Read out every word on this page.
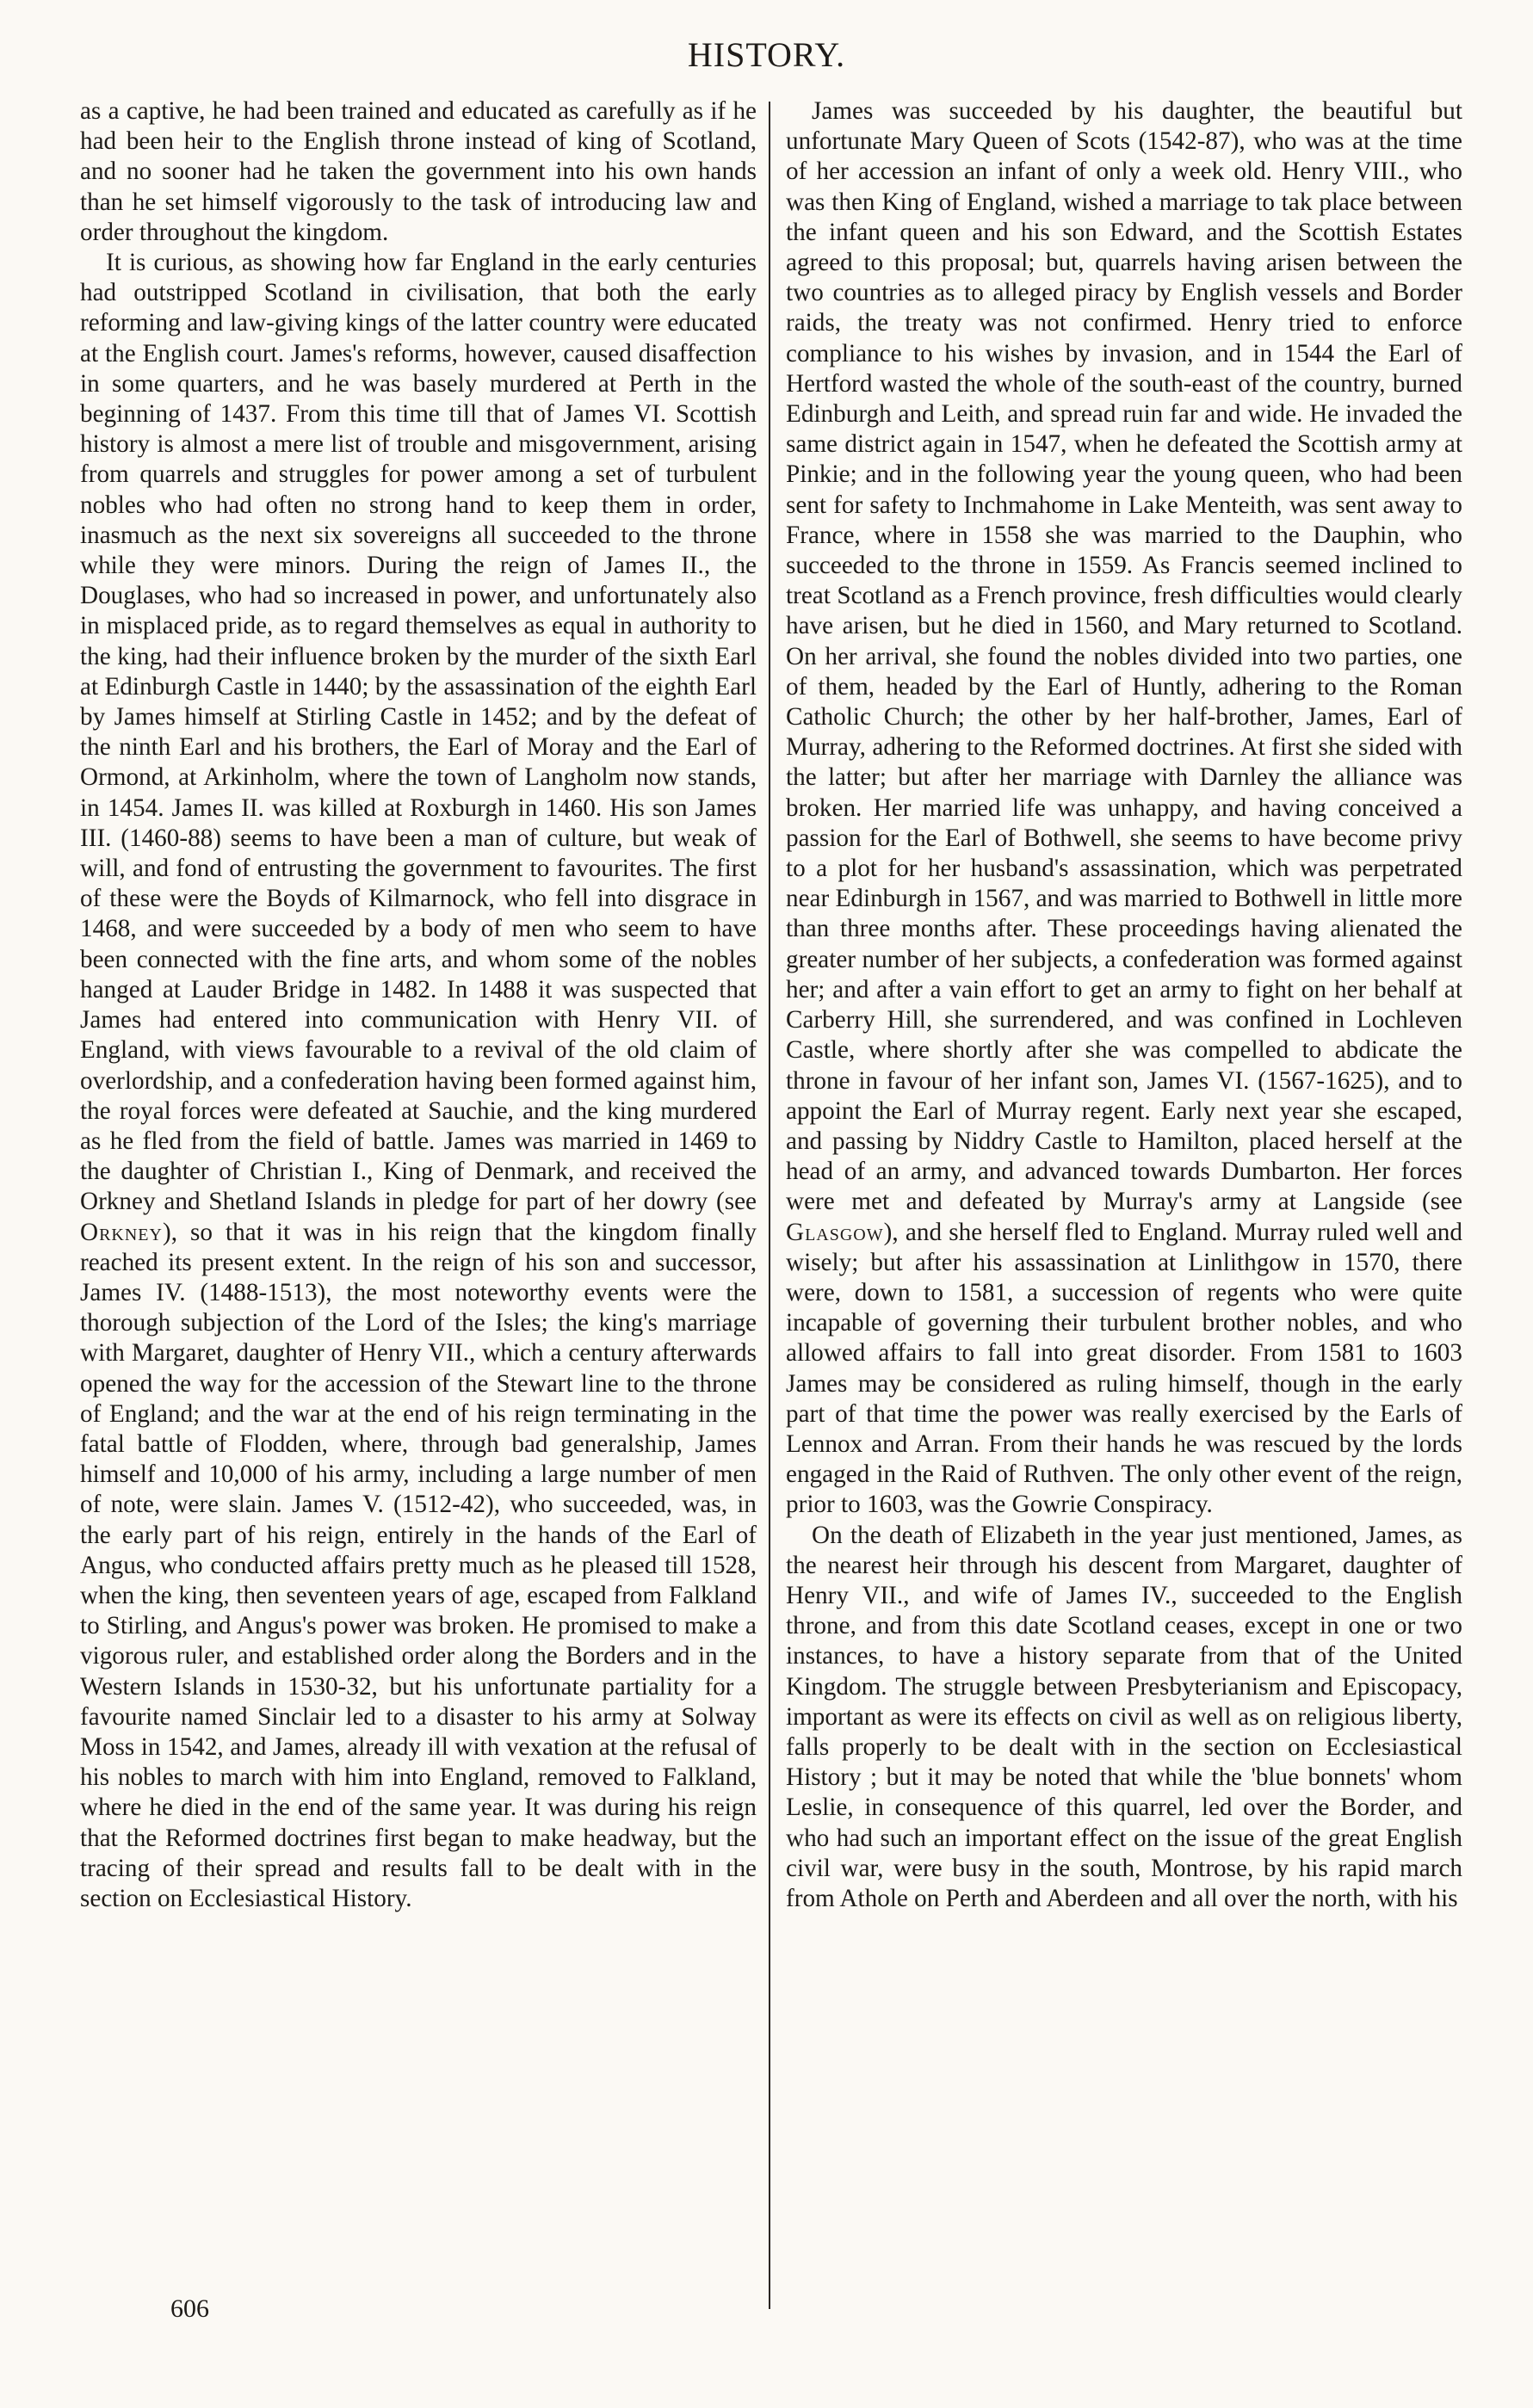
HISTORY.

as a captive, he had been trained and educated as carefully as if he had been heir to the English throne instead of king of Scotland, and no sooner had he taken the government into his own hands than he set himself vigorously to the task of introducing law and order throughout the kingdom.

It is curious, as showing how far England in the early centuries had outstripped Scotland in civilisation, that both the early reforming and law-giving kings of the latter country were educated at the English court. James's reforms, however, caused disaffection in some quarters, and he was basely murdered at Perth in the beginning of 1437. From this time till that of James VI. Scottish history is almost a mere list of trouble and misgovernment, arising from quarrels and struggles for power among a set of turbulent nobles who had often no strong hand to keep them in order, inasmuch as the next six sovereigns all succeeded to the throne while they were minors. During the reign of James II., the Douglases, who had so increased in power, and unfortunately also in misplaced pride, as to regard themselves as equal in authority to the king, had their influence broken by the murder of the sixth Earl at Edinburgh Castle in 1440; by the assassination of the eighth Earl by James himself at Stirling Castle in 1452; and by the defeat of the ninth Earl and his brothers, the Earl of Moray and the Earl of Ormond, at Arkinholm, where the town of Langholm now stands, in 1454. James II. was killed at Roxburgh in 1460. His son James III. (1460-88) seems to have been a man of culture, but weak of will, and fond of entrusting the government to favourites. The first of these were the Boyds of Kilmarnock, who fell into disgrace in 1468, and were succeeded by a body of men who seem to have been connected with the fine arts, and whom some of the nobles hanged at Lauder Bridge in 1482. In 1488 it was suspected that James had entered into communication with Henry VII. of England, with views favourable to a revival of the old claim of overlordship, and a confederation having been formed against him, the royal forces were defeated at Sauchie, and the king murdered as he fled from the field of battle. James was married in 1469 to the daughter of Christian I., King of Denmark, and received the Orkney and Shetland Islands in pledge for part of her dowry (see Orkney), so that it was in his reign that the kingdom finally reached its present extent. In the reign of his son and successor, James IV. (1488-1513), the most noteworthy events were the thorough subjection of the Lord of the Isles; the king's marriage with Margaret, daughter of Henry VII., which a century afterwards opened the way for the accession of the Stewart line to the throne of England; and the war at the end of his reign terminating in the fatal battle of Flodden, where, through bad generalship, James himself and 10,000 of his army, including a large number of men of note, were slain. James V. (1512-42), who succeeded, was, in the early part of his reign, entirely in the hands of the Earl of Angus, who conducted affairs pretty much as he pleased till 1528, when the king, then seventeen years of age, escaped from Falkland to Stirling, and Angus's power was broken. He promised to make a vigorous ruler, and established order along the Borders and in the Western Islands in 1530-32, but his unfortunate partiality for a favourite named Sinclair led to a disaster to his army at Solway Moss in 1542, and James, already ill with vexation at the refusal of his nobles to march with him into England, removed to Falkland, where he died in the end of the same year. It was during his reign that the Reformed doctrines first began to make headway, but the tracing of their spread and results fall to be dealt with in the section on Ecclesiastical History.

James was succeeded by his daughter, the beautiful but unfortunate Mary Queen of Scots (1542-87), who was at the time of her accession an infant of only a week old. Henry VIII., who was then King of England, wished a marriage to tak place between the infant queen and his son Edward, and the Scottish Estates agreed to this proposal; but, quarrels having arisen between the two countries as to alleged piracy by English vessels and Border raids, the treaty was not confirmed. Henry tried to enforce compliance to his wishes by invasion, and in 1544 the Earl of Hertford wasted the whole of the south-east of the country, burned Edinburgh and Leith, and spread ruin far and wide. He invaded the same district again in 1547, when he defeated the Scottish army at Pinkie; and in the following year the young queen, who had been sent for safety to Inchmahome in Lake Menteith, was sent away to France, where in 1558 she was married to the Dauphin, who succeeded to the throne in 1559. As Francis seemed inclined to treat Scotland as a French province, fresh difficulties would clearly have arisen, but he died in 1560, and Mary returned to Scotland. On her arrival, she found the nobles divided into two parties, one of them, headed by the Earl of Huntly, adhering to the Roman Catholic Church; the other by her half-brother, James, Earl of Murray, adhering to the Reformed doctrines. At first she sided with the latter; but after her marriage with Darnley the alliance was broken. Her married life was unhappy, and having conceived a passion for the Earl of Bothwell, she seems to have become privy to a plot for her husband's assassination, which was perpetrated near Edinburgh in 1567, and was married to Bothwell in little more than three months after. These proceedings having alienated the greater number of her subjects, a confederation was formed against her; and after a vain effort to get an army to fight on her behalf at Carberry Hill, she surrendered, and was confined in Lochleven Castle, where shortly after she was compelled to abdicate the throne in favour of her infant son, James VI. (1567-1625), and to appoint the Earl of Murray regent. Early next year she escaped, and passing by Niddry Castle to Hamilton, placed herself at the head of an army, and advanced towards Dumbarton. Her forces were met and defeated by Murray's army at Langside (see Glasgow), and she herself fled to England. Murray ruled well and wisely; but after his assassination at Linlithgow in 1570, there were, down to 1581, a succession of regents who were quite incapable of governing their turbulent brother nobles, and who allowed affairs to fall into great disorder. From 1581 to 1603 James may be considered as ruling himself, though in the early part of that time the power was really exercised by the Earls of Lennox and Arran. From their hands he was rescued by the lords engaged in the Raid of Ruthven. The only other event of the reign, prior to 1603, was the Gowrie Conspiracy.

On the death of Elizabeth in the year just mentioned, James, as the nearest heir through his descent from Margaret, daughter of Henry VII., and wife of James IV., succeeded to the English throne, and from this date Scotland ceases, except in one or two instances, to have a history separate from that of the United Kingdom. The struggle between Presbyterianism and Episcopacy, important as were its effects on civil as well as on religious liberty, falls properly to be dealt with in the section on Ecclesiastical History ; but it may be noted that while the 'blue bonnets' whom Leslie, in consequence of this quarrel, led over the Border, and who had such an important effect on the issue of the great English civil war, were busy in the south, Montrose, by his rapid march from Athole on Perth and Aberdeen and all over the north, with his

606
